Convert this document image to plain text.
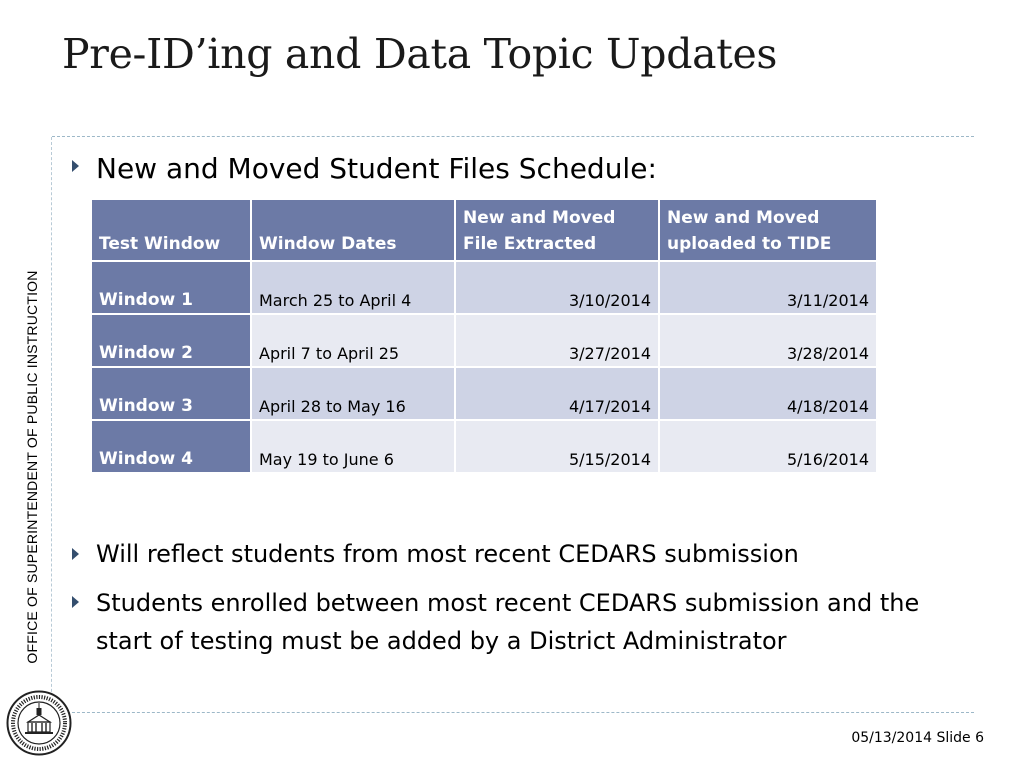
Pre-ID’ing and Data Topic Updates
OFFICE OF SUPERINTENDENT OF PUBLIC INSTRUCTION
New and Moved Student Files Schedule:
Test Window	Window Dates	New and Moved File Extracted	New and Moved uploaded to TIDE
Window 1	March 25 to April 4	3/10/2014	3/11/2014
Window 2	April 7 to April 25	3/27/2014	3/28/2014
Window 3	April 28 to May 16	4/17/2014	4/18/2014
Window 4	May 19 to June 6	5/15/2014	5/16/2014
Will reflect students from most recent CEDARS submission
Students enrolled between most recent CEDARS submission and the start of testing must be added by a District Administrator
05/13/2014 Slide 6
